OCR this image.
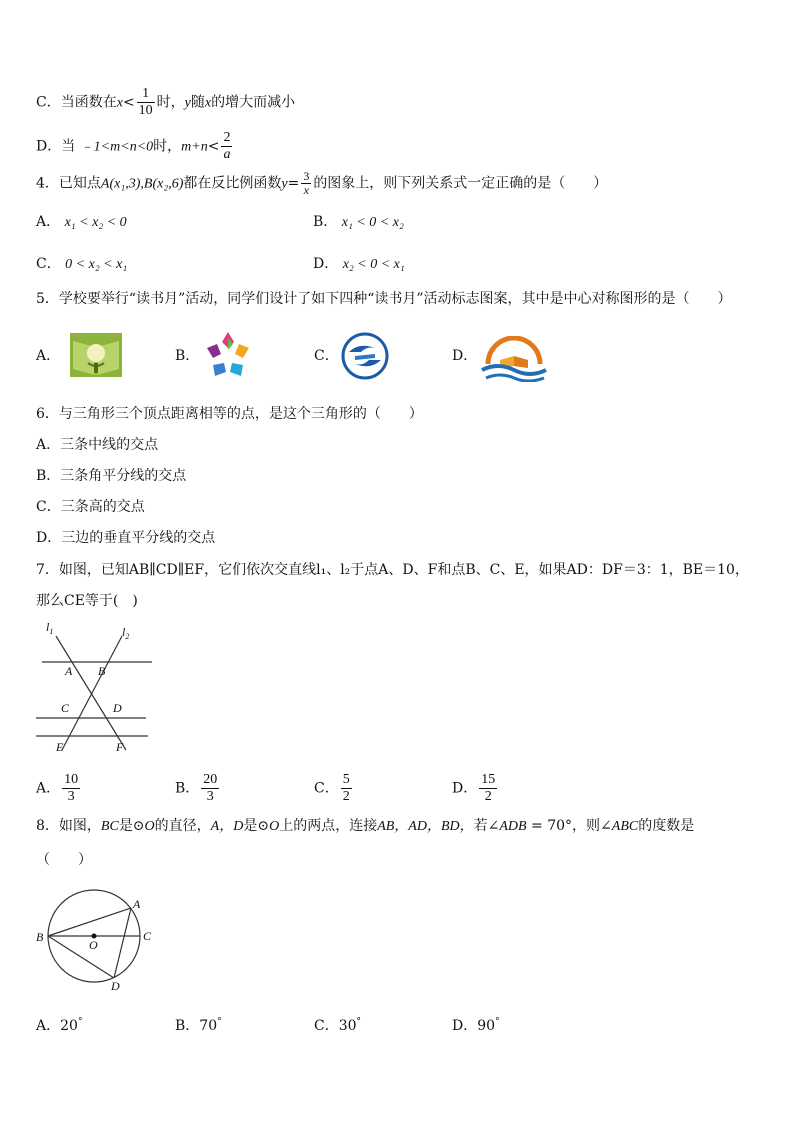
C．当函数在$x< \frac{1}{10}$ 时，y随x的增大而减小
D．当 ﹣1<m<n<0时，$m+n< \frac{2}{a}$
4．已知点A(x₁,3),B(x₂,6)都在反比例函数$y= \frac{3}{x}$ 的图象上，则下列关系式一定正确的是（　　）
A． x₁ < x₂ < 0	B． x₁ < 0 < x₂
C． 0 < x₂ < x₁	D． x₂ < 0 < x₁
5．学校要举行“读书月”活动，同学们设计了如下四种“读书月”活动标志图案，其中是中心对称图形的是（　　）
A．	B．	C．	D．
6．与三角形三个顶点距离相等的点，是这个三角形的（　　）
A．三条中线的交点
B．三条角平分线的交点
C．三条高的交点
D．三边的垂直平分线的交点
7．如图，已知AB∥CD∥EF，它们依次交直线l₁、l₂于点A、D、F和点B、C、E，如果AD：DF＝3：1，BE＝10，
那么CE等于(　)
$l_1$	$l_2$
A B
C	D
E	F
A． $\frac{10}{3}$	B． $\frac{20}{3}$	C． $\frac{5}{2}$	D． $\frac{15}{2}$
8．如图，BC是⊙O的直径，A，D是⊙O上的两点，连接AB，AD，BD，若∠ADB = 70°，则∠ABC的度数是
（　　）
A
B	C
D
O
A．20°	B．70°	C．30°	D．90°
